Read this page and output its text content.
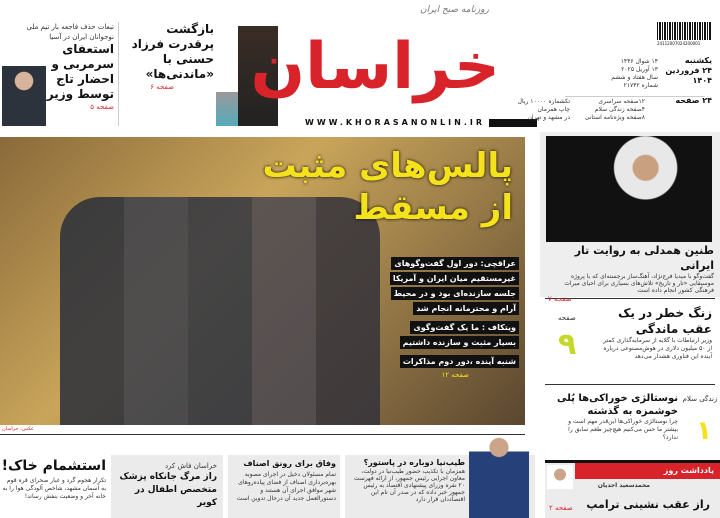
تبعات حذف فاجعه بار تیم ملی نوجوانان ایران در آسیا
استعفای سرمربی و احضار تاج توسط وزیر
صفحه ۵
بازگشت پرقدرت فرزاد حسنی با «ماندنی‌ها»
صفحه ۶
روزنامه صبح ایران
خراسان
WWW.KHORASANONLIN.IR
24112007024200001
یکشنبه
۲۴ فروردین
۱۴۰۴
۲۴ صفحه
۱۴ شوال ۱۴۴۶
۱۳ آوریل ۲۰۲۵
سال هفتاد و ششم
شماره ۲۱۷۴۲
۱۲صفحه سراسری
۴صفحه زندگی سلام
۸صفحه ویژه‌نامه استانی
تکشماره ۱۰۰۰۰ ریال
چاپ همزمان
در مشهد و تهران
پالس‌های مثبت
از مسقط
عراقچی: دور اول گفت‌وگوهای
غیرمستقیم میان ایران و آمریکا
جلسه سازنده‌ای بود و در محیط
آرام و محترمانه انجام شد
ویتکاف : ما یک گفت‌وگوی
بسیار مثبت و سازنده داشتیم
شنبه آینده ،دور دوم مذاکرات
صفحه ۱۲
عکس: خراسان
طنین همدلی به روایت تار ایرانی
گفت‌وگو با میدیا فرج‌نژاد، آهنگ‌ساز برجسته‌ای که با پروژه موسیقایی «تار و تاریخ» تلاش‌های بسیاری برای احیای میراث فرهنگی کشور انجام داده است
صفحه ۷
زنگ خطر در یک عقب ماندگی
وزیر ارتباطات با گلایه از سرمایه‌گذاری کمتر از ۵۰ میلیون دلاری در هوش‌مصنوعی درباره آینده این فناوری هشدار می‌دهد
صفحه
۹
نوستالژی خوراکی‌ها پُلی خوشمزه به گذشته
چرا نوستالژی خوراکی‌ها این‌قدر مهم است و بیشتر ما حس می‌کنیم هیچ‌چیز طعم سابق را ندارد؟
زندگی سلام
۱
یادداشت روز
محمدسعید احدیان
راز عقب نشینی ترامپ
صفحه ۲
طیب‌نیا دوباره در پاستور؟
همزمان با تکذیب حضور طیب‌نیا در دولت، معاون اجرایی رئیس جمهور، از ارائه فهرست ۲۰ نفره وزرای پیشنهادی اقتصاد به رئیس جمهور خبر داده که در صدر آن نام این اقتصاددان قرار دارد
وفاق برای رونق اصناف
تمام مسئولان دخیل در اجرای مصوبه بهره‌برداری اصناف از فضای پیاده‌روهای شهر موافق اجرای آن هستند و دستورالعمل جدید آن درحال تدوین است
خراسان فاش کرد
راز مرگ جانکاه پزشک متخصص اطفال در کویر
استشمام خاک!
تکرار هجوم گرد و غبار صحرای قره قوم به آسمان مشهد، شاخص آلودگی هوا را به خانه آخر و وضعیت بنفش رساند!
